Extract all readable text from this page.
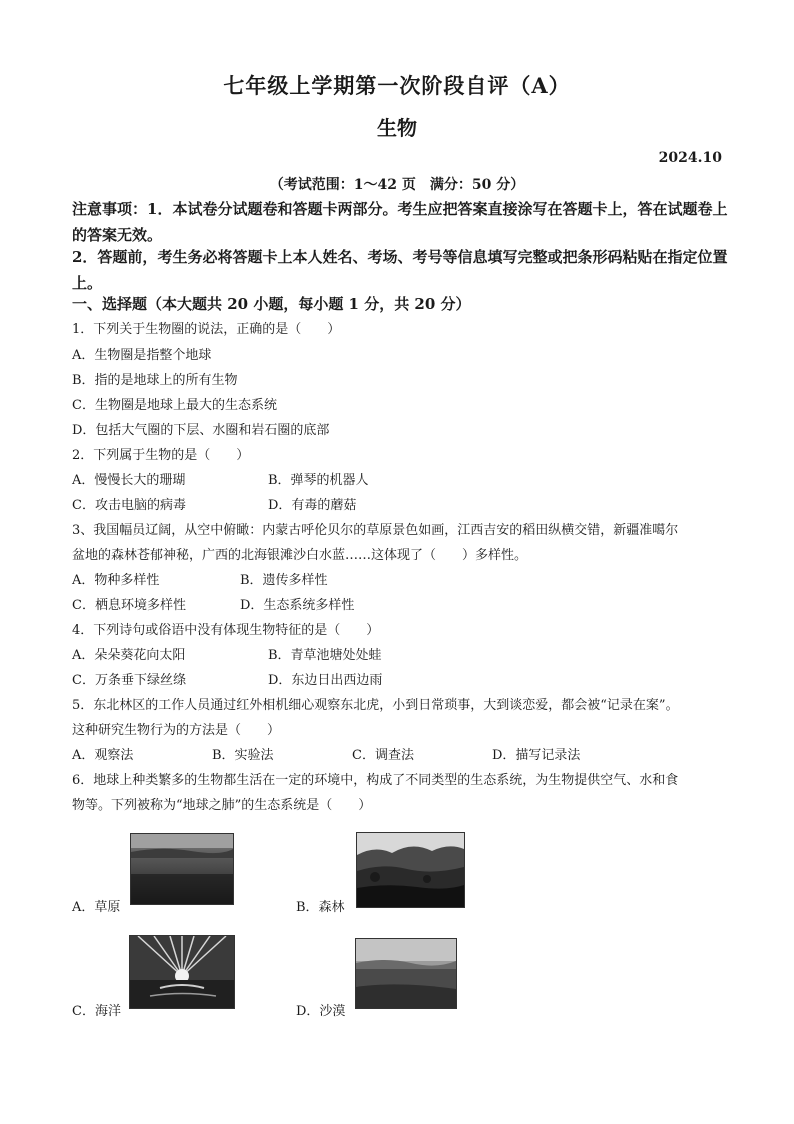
七年级上学期第一次阶段自评（A）
生物
2024.10
（考试范围：1～42 页　满分：50 分）
注意事项：1．本试卷分试题卷和答题卡两部分。考生应把答案直接涂写在答题卡上，答在试题卷上的答案无效。
2．答题前，考生务必将答题卡上本人姓名、考场、考号等信息填写完整或把条形码粘贴在指定位置上。
一、选择题（本大题共 20 小题，每小题 1 分，共 20 分）
1．下列关于生物圈的说法，正确的是（　　）
A．生物圈是指整个地球
B．指的是地球上的所有生物
C．生物圈是地球上最大的生态系统
D．包括大气圈的下层、水圈和岩石圈的底部
2．下列属于生物的是（　　）
A．慢慢长大的珊瑚	B．弹琴的机器人
C．攻击电脑的病毒	D．有毒的蘑菇
3、我国幅员辽阔，从空中俯瞰：内蒙古呼伦贝尔的草原景色如画，江西吉安的稻田纵横交错，新疆准噶尔
盆地的森林苍郁神秘，广西的北海银滩沙白水蓝……这体现了（　　）多样性。
A．物种多样性	B．遗传多样性
C．栖息环境多样性	D．生态系统多样性
4．下列诗句或俗语中没有体现生物特征的是（　　）
A．朵朵葵花向太阳	B．青草池塘处处蛙
C．万条垂下绿丝绦	D．东边日出西边雨
5．东北林区的工作人员通过红外相机细心观察东北虎，小到日常琐事，大到谈恋爱，都会被“记录在案”。
这种研究生物行为的方法是（　　）
A．观察法	B．实验法	C．调查法	D．描写记录法
6．地球上种类繁多的生物都生活在一定的环境中，构成了不同类型的生态系统，为生物提供空气、水和食
物等。下列被称为“地球之肺”的生态系统是（　　）
A．草原	B．森林
C．海洋	D．沙漠
